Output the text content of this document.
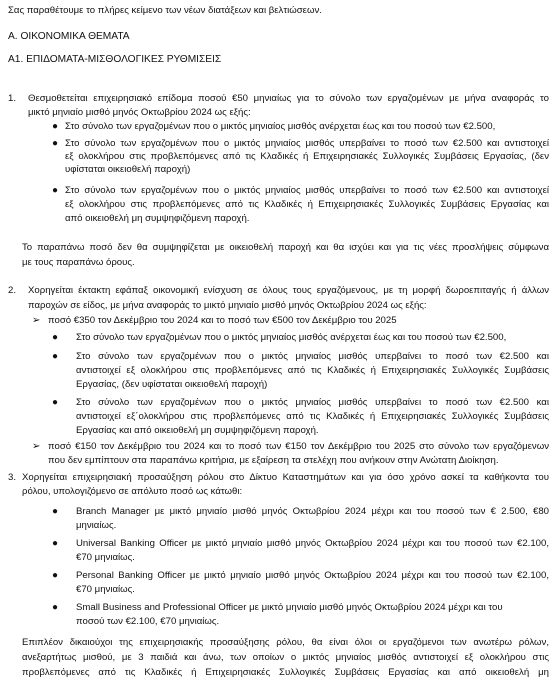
Σας παραθέτουμε το πλήρες κείμενο των νέων διατάξεων και βελτιώσεων.
Α. ΟΙΚΟΝΟΜΙΚΑ ΘΕΜΑΤΑ
Α1. ΕΠΙΔΟΜΑΤΑ-ΜΙΣΘΟΛΟΓΙΚΕΣ ΡΥΘΜΙΣΕΙΣ
1. Θεσμοθετείται επιχειρησιακό επίδομα ποσού €50 μηνιαίως για το σύνολο των εργαζομένων με μήνα αναφοράς το
μικτό μηνιαίο μισθό μηνός Οκτωβρίου 2024 ως εξής:
● Στο σύνολο των εργαζομένων που ο μικτός μηνιαίος μισθός ανέρχεται έως και του ποσού των €2.500,
● Στο σύνολο των εργαζομένων που ο μικτός μηνιαίος μισθός υπερβαίνει το ποσό των €2.500 και αντιστοιχεί
εξ ολοκλήρου στις προβλεπόμενες από τις Κλαδικές ή Επιχειρησιακές Συλλογικές Συμβάσεις Εργασίας, (δεν
υφίσταται οικειοθελή παροχή)
● Στο σύνολο των εργαζομένων που ο μικτός μηνιαίος μισθός υπερβαίνει το ποσό των €2.500 και αντιστοιχεί
εξ ολοκλήρου στις προβλεπόμενες από τις Κλαδικές ή Επιχειρησιακές Συλλογικές Συμβάσεις Εργασίας και
από οικειοθελή μη συμψηφιζόμενη παροχή.
Το παραπάνω ποσό δεν θα συμψηφίζεται με οικειοθελή παροχή και θα ισχύει και για τις νέες προσλήψεις σύμφωνα
με τους παραπάνω όρους.
2. Χορηγείται έκτακτη εφάπαξ οικονομική ενίσχυση σε όλους τους εργαζόμενους, με τη μορφή δωροεπιταγής ή άλλων
παροχών σε είδος, με μήνα αναφοράς το μικτό μηνιαίο μισθό μηνός Οκτωβρίου 2024 ως εξής:
➢ ποσό €350 τον Δεκέμβριο του 2024 και το ποσό των €500 τον Δεκέμβριο του 2025
● Στο σύνολο των εργαζομένων που ο μικτός μηνιαίος μισθός ανέρχεται έως και του ποσού των €2.500,
● Στο σύνολο των εργαζομένων που ο μικτός μηνιαίος μισθός υπερβαίνει το ποσό των €2.500 και
αντιστοιχεί εξ ολοκλήρου στις προβλεπόμενες από τις Κλαδικές ή Επιχειρησιακές Συλλογικές Συμβάσεις
Εργασίας, (δεν υφίσταται οικειοθελή παροχή)
● Στο σύνολο των εργαζομένων που ο μικτός μηνιαίος μισθός υπερβαίνει το ποσό των €2.500 και
αντιστοιχεί εξ΄ολοκλήρου στις προβλεπόμενες από τις Κλαδικές ή Επιχειρησιακές Συλλογικές Συμβάσεις
Εργασίας και από οικειοθελή μη συμψηφιζόμενη παροχή.
➢ ποσό €150 τον Δεκέμβριο του 2024 και το ποσό των €150 τον Δεκέμβριο του 2025 στο σύνολο των εργαζόμενων
που δεν εμπίπτουν στα παραπάνω κριτήρια, με εξαίρεση τα στελέχη που ανήκουν στην Ανώτατη Διοίκηση.
3. Χορηγείται επιχειρησιακή προσαύξηση ρόλου στο Δίκτυο Καταστημάτων και για όσο χρόνο ασκεί τα καθήκοντα του
ρόλου, υπολογιζόμενο σε απόλυτο ποσό ως κάτωθι:
● Branch Manager με μικτό μηνιαίο μισθό μηνός Οκτωβρίου 2024 μέχρι και του ποσού των € 2.500, €80
μηνιαίως.
● Universal Banking Officer με μικτό μηνιαίο μισθό μηνός Οκτωβρίου 2024 μέχρι και του ποσού των €2.100,
€70 μηνιαίως.
● Personal Banking Officer με μικτό μηνιαίο μισθό μηνός Οκτωβρίου 2024 μέχρι και του ποσού των €2.100,
€70 μηνιαίως.
● Small Business and Professional Officer με μικτό μηνιαίο μισθό μηνός Οκτωβρίου 2024 μέχρι και του
ποσού των €2.100, €70 μηνιαίως.
Επιπλέον δικαιούχοι της επιχειρησιακής προσαύξησης ρόλου, θα είναι όλοι οι εργαζόμενοι των ανωτέρω ρόλων,
ανεξαρτήτως μισθού, με 3 παιδιά και άνω, των οποίων ο μικτός μηνιαίος μισθός αντιστοιχεί εξ ολοκλήρου στις
προβλεπόμενες από τις Κλαδικές ή Επιχειρησιακές Συλλογικές Συμβάσεις Εργασίας και από οικειοθελή μη
